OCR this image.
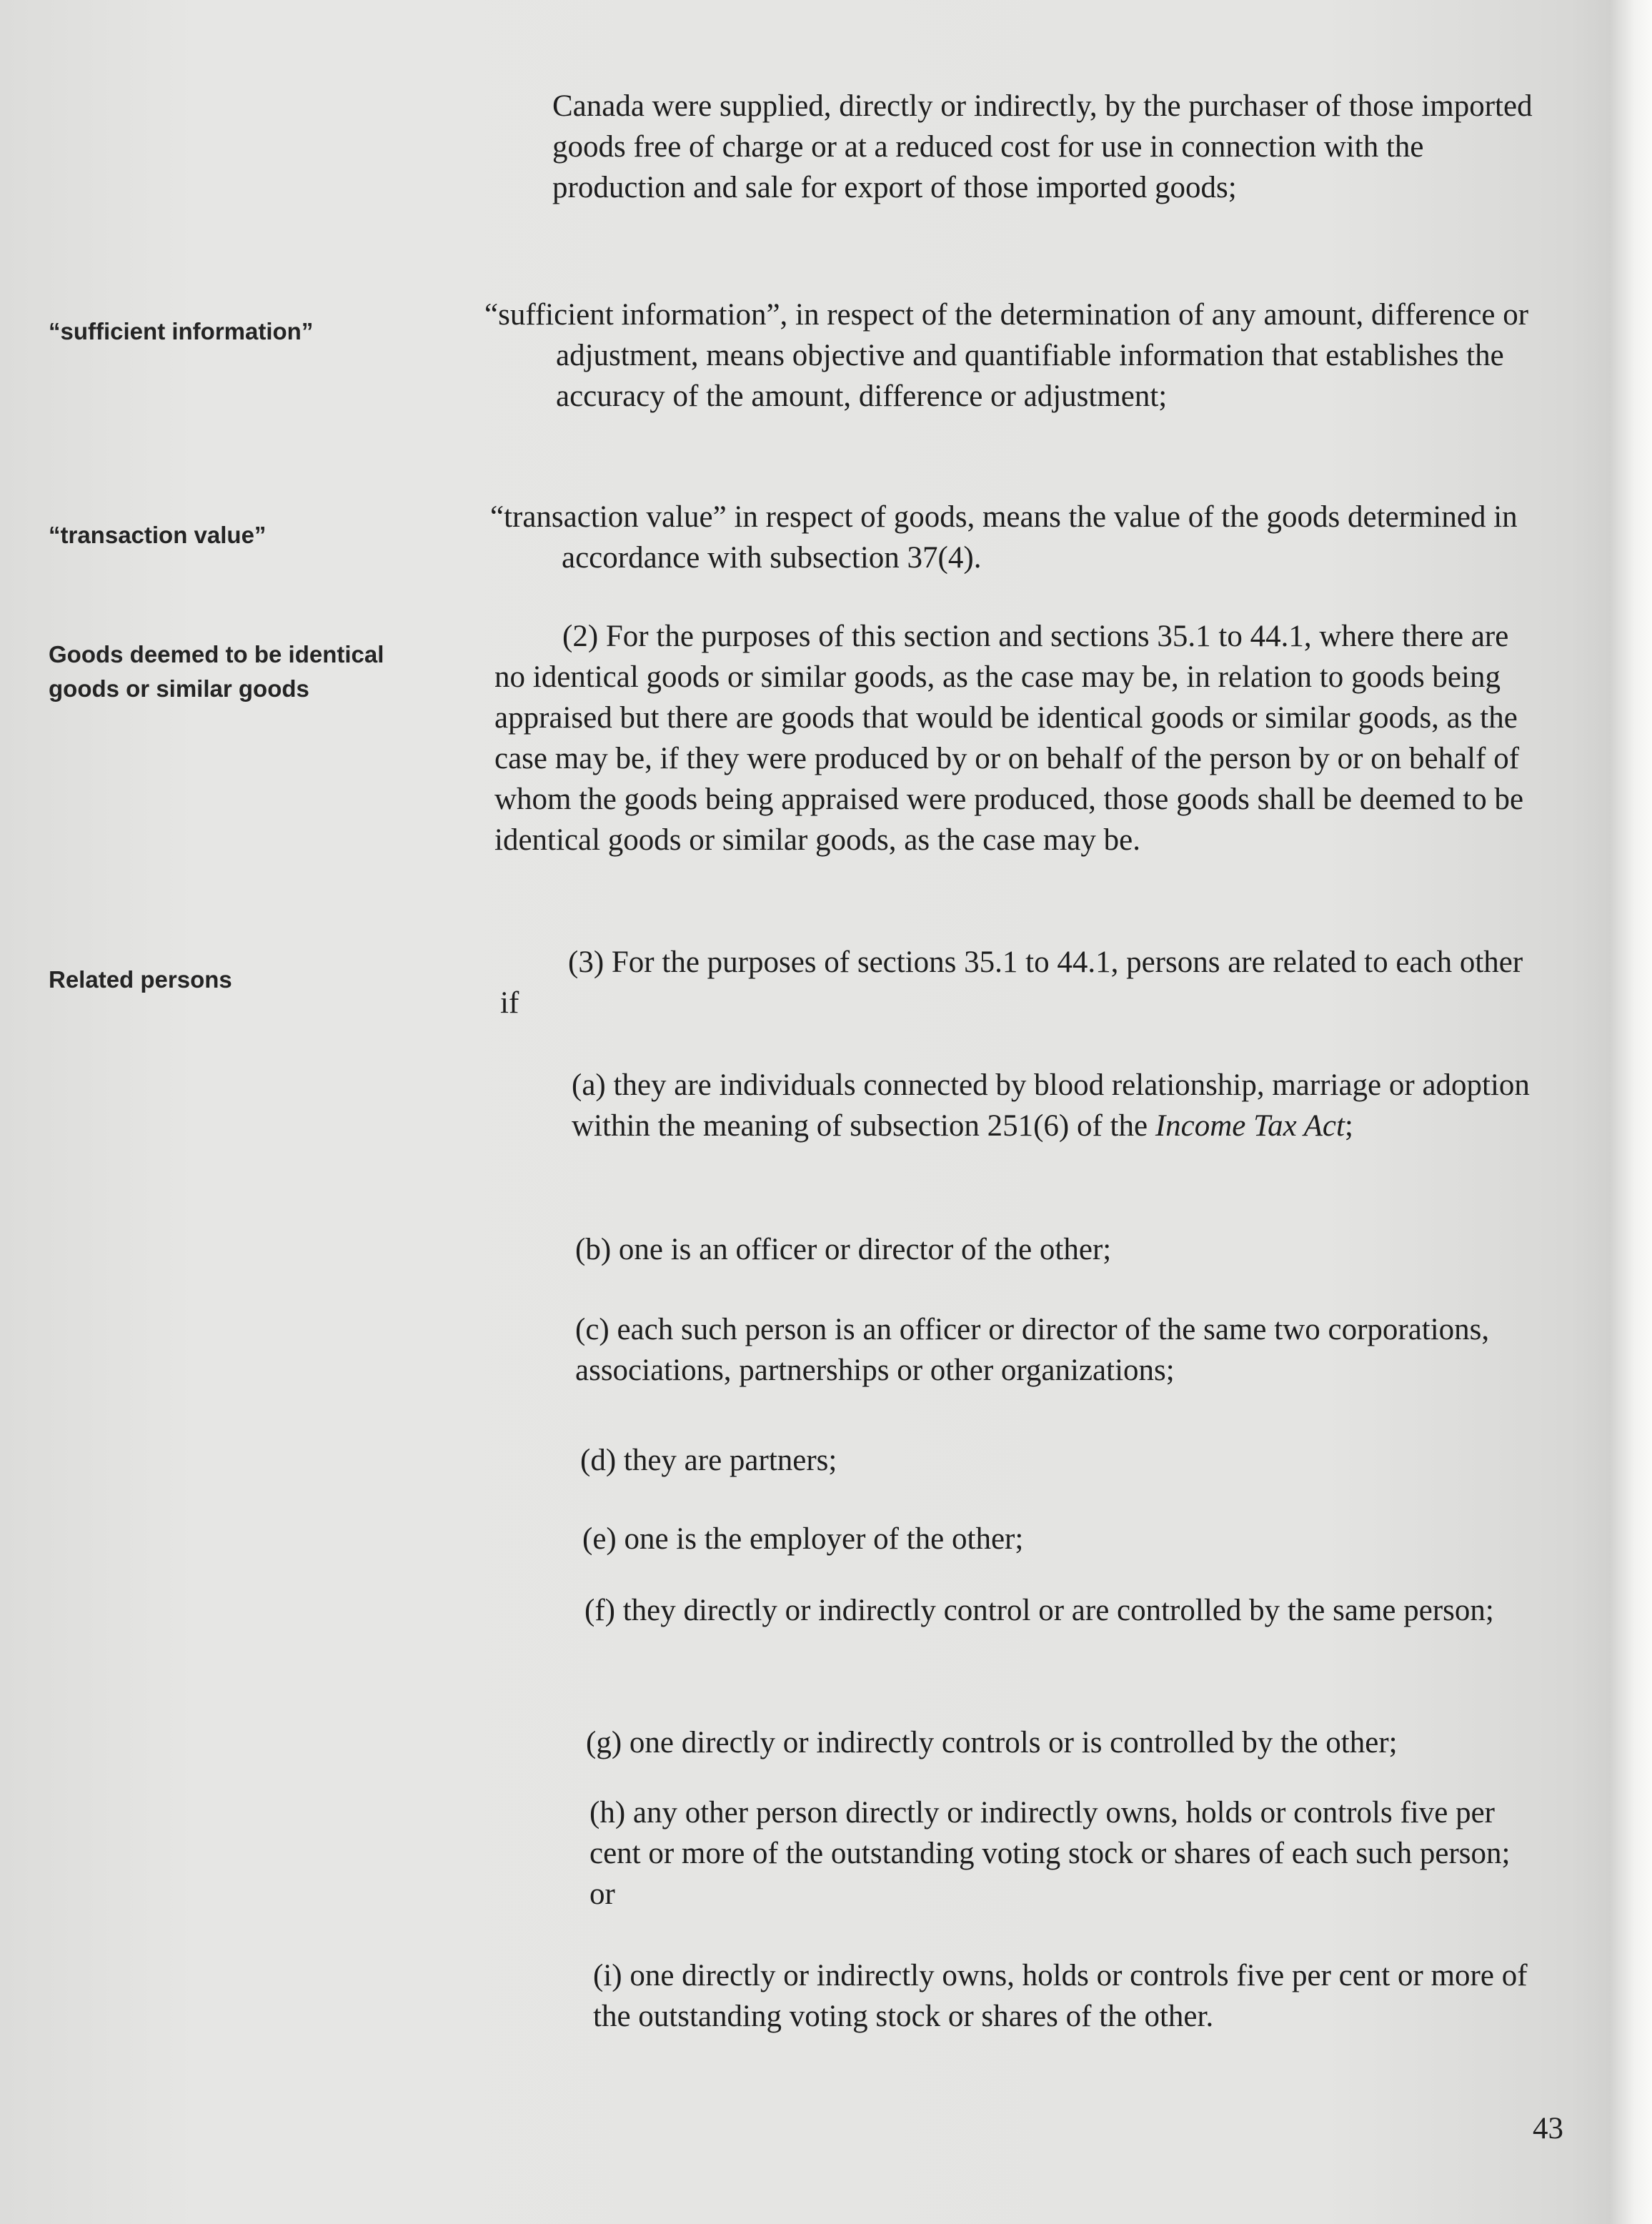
Canada were supplied, directly or indirectly, by the purchaser of those imported goods free of charge or at a reduced cost for use in connection with the production and sale for export of those imported goods;

“sufficient information”	“sufficient information”, in respect of the determination of any amount, difference or adjustment, means objective and quantifiable information that establishes the accuracy of the amount, difference or adjustment;

“transaction value”

“transaction value” in respect of goods, means the value of the goods determined in accordance with subsection 37(4).

Goods deemed to be identical goods or similar goods

(2) For the purposes of this section and sections 35.1 to 44.1, where there are no identical goods or similar goods, as the case may be, in relation to goods being appraised but there are goods that would be identical goods or similar goods, as the case may be, if they were produced by or on behalf of the person by or on behalf of whom the goods being appraised were produced, those goods shall be deemed to be identical goods or similar goods, as the case may be.

Related persons

(3) For the purposes of sections 35.1 to 44.1, persons are related to each other if

(a) they are individuals connected by blood relationship, marriage or adoption within the meaning of subsection 251(6) of the Income Tax Act;

(b) one is an officer or director of the other;

(c) each such person is an officer or director of the same two corporations, associations, partnerships or other organizations;

(d) they are partners;

(e) one is the employer of the other;

(f) they directly or indirectly control or are controlled by the same person;

(g) one directly or indirectly controls or is controlled by the other;

(h) any other person directly or indirectly owns, holds or controls five per cent or more of the outstanding voting stock or shares of each such person; or

(i) one directly or indirectly owns, holds or controls five per cent or more of the outstanding voting stock or shares of the other.

43
